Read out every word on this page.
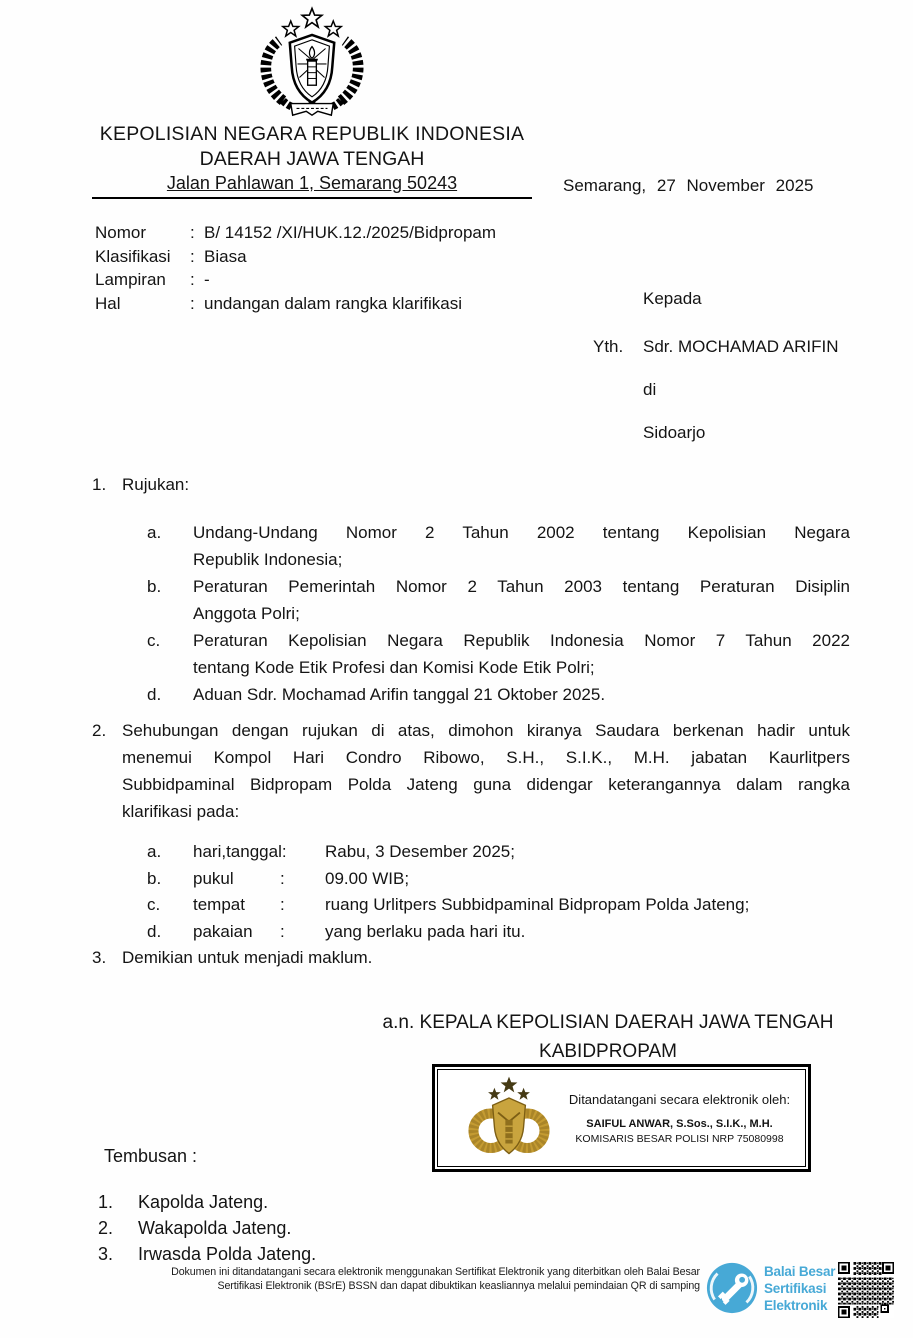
KEPOLISIAN NEGARA REPUBLIK INDONESIA
DAERAH JAWA TENGAH
Jalan Pahlawan 1, Semarang 50243	Semarang, 27 November 2025
Nomor	: B/ 14152 /XI/HUK.12./2025/Bidpropam
Klasifikasi	: Biasa
Lampiran	: -
Hal	: undangan dalam rangka klarifikasi	Kepada
Yth.	Sdr. MOCHAMAD ARIFIN
di
Sidoarjo
1. Rujukan:
a.	Undang-Undang Nomor 2 Tahun 2002 tentang Kepolisian Negara
Republik Indonesia;
b.	Peraturan Pemerintah Nomor 2 Tahun 2003 tentang Peraturan Disiplin
Anggota Polri;
c.	Peraturan Kepolisian Negara Republik Indonesia Nomor 7 Tahun 2022
tentang Kode Etik Profesi dan Komisi Kode Etik Polri;
d.	Aduan Sdr. Mochamad Arifin tanggal 21 Oktober 2025.
2. Sehubungan dengan rujukan di atas, dimohon kiranya Saudara berkenan hadir untuk
menemui Kompol Hari Condro Ribowo, S.H., S.I.K., M.H. jabatan Kaurlitpers
Subbidpaminal Bidpropam Polda Jateng guna didengar keterangannya dalam rangka
klarifikasi pada:
a.	hari,tanggal: Rabu, 3 Desember 2025;
b.	pukul	:	09.00 WIB;
c.	tempat	:	ruang Urlitpers Subbidpaminal Bidpropam Polda Jateng;
d.	pakaian	:	yang berlaku pada hari itu.
3. Demikian untuk menjadi maklum.
a.n. KEPALA KEPOLISIAN DAERAH JAWA TENGAH
KABIDPROPAM
Ditandatangani secara elektronik oleh:
SAIFUL ANWAR, S.Sos., S.I.K., M.H.
KOMISARIS BESAR POLISI NRP 75080998
Tembusan :
1.	Kapolda Jateng.
2.	Wakapolda Jateng.
3.	Irwasda Polda Jateng.
Dokumen ini ditandatangani secara elektronik menggunakan Sertifikat Elektronik yang diterbitkan oleh Balai Besar
Sertifikasi Elektronik (BSrE) BSSN dan dapat dibuktikan keasliannya melalui pemindaian QR di samping
Balai Besar
Sertifikasi
Elektronik
